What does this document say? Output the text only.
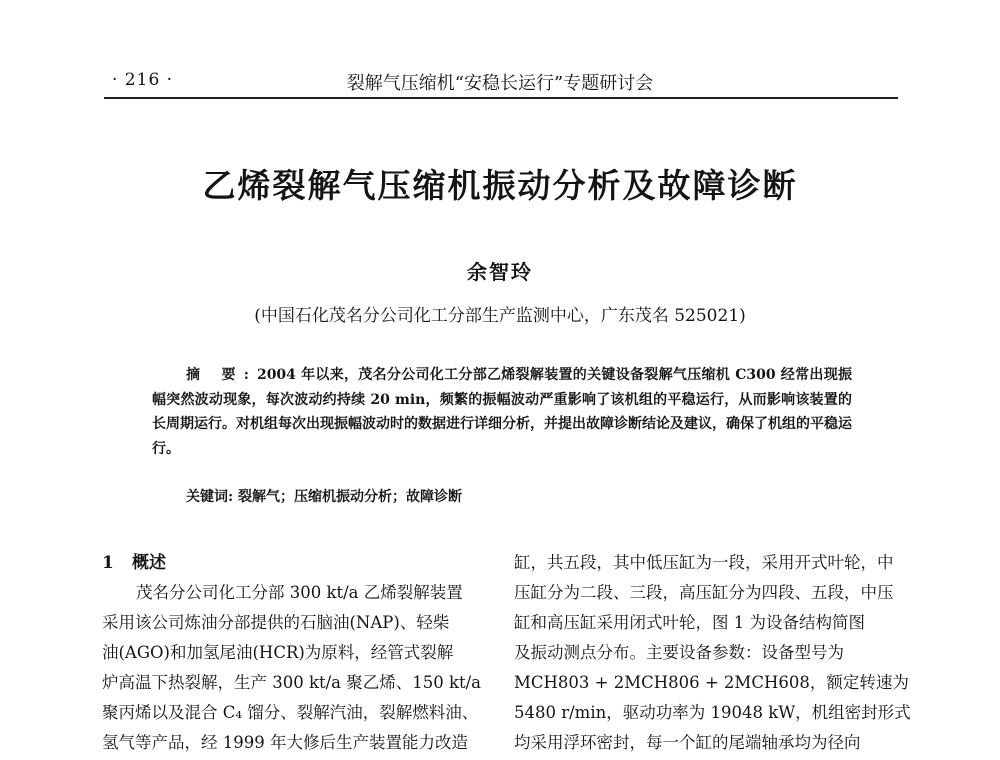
· 216 ·	裂解气压缩机“安稳长运行”专题研讨会
乙烯裂解气压缩机振动分析及故障诊断
余智玲
(中国石化茂名分公司化工分部生产监测中心，广东茂名 525021)

摘 要:2004 年以来，茂名分公司化工分部乙烯裂解装置的关键设备裂解气压缩机 C300 经常出现振幅突然波动现象，每次波动约持续 20 min，频繁的振幅波动严重影响了该机组的平稳运行，从而影响该装置的长周期运行。对机组每次出现振幅波动时的数据进行详细分析，并提出故障诊断结论及建议，确保了机组的平稳运行。

关键词: 裂解气；压缩机振动分析；故障诊断
1 概述
茂名分公司化工分部 300 kt/a 乙烯裂解装置
采用该公司炼油分部提供的石脑油(NAP)、轻柴
油(AGO)和加氢尾油(HCR)为原料，经管式裂解
炉高温下热裂解，生产 300 kt/a 聚乙烯、150 kt/a
聚丙烯以及混合 C₄ 馏分、裂解汽油，裂解燃料油、
氢气等产品，经 1999 年大修后生产装置能力改造
缸，共五段，其中低压缸为一段，采用开式叶轮，中
压缸分为二段、三段，高压缸分为四段、五段，中压
缸和高压缸采用闭式叶轮，图 1 为设备结构简图
及振动测点分布。主要设备参数：设备型号为
MCH803 + 2MCH806 + 2MCH608，额定转速为
5480 r/min，驱动功率为 19048 kW，机组密封形式
均采用浮环密封，每一个缸的尾端轴承均为径向
